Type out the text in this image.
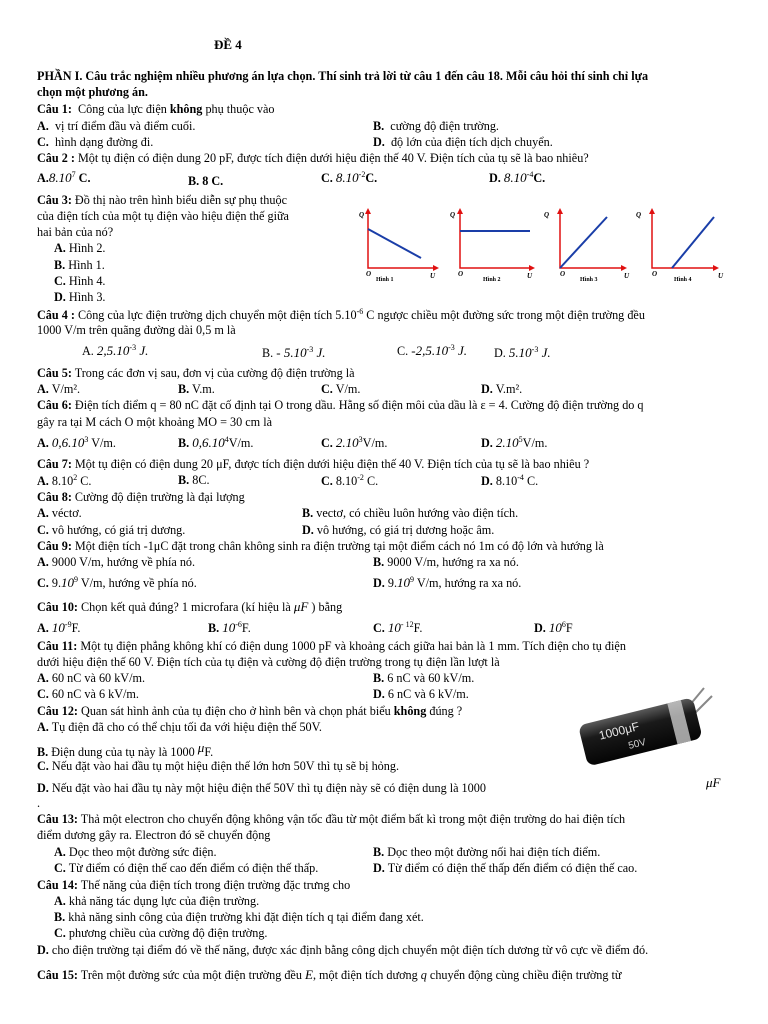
ĐỀ 4
PHẦN I. Câu trắc nghiệm nhiều phương án lựa chọn. Thí sinh trả lời từ câu 1 đến câu 18. Mỗi câu hỏi thí sinh chỉ lựa
chọn một phương án.
Câu 1: Công của lực điện không phụ thuộc vào
A. vị trí điểm đầu và điểm cuối.	B. cường độ điện trường.
C. hình dạng đường đi.	D. độ lớn của điện tích dịch chuyển.
Câu 2 : Một tụ điện có điện dung 20 pF, được tích điện dưới hiệu điện thế 40 V. Điện tích của tụ sẽ là bao nhiêu?
A.8.10$^7$ C.	B. 8 C.	C. $8.10^{-2}C$.	D. $8.10^{-4}C$.
Câu 3: Đồ thị nào trên hình biểu diễn sự phụ thuộc
của điện tích của một tụ điện vào hiệu điện thế giữa
hai bản của nó?
A. Hình 2.
B. Hình 1.
C. Hình 4.
D. Hình 3.
Q
U
O
Hình 1
Q
U
O
Hình 2
Q
U
O
Hình 3
Q
U
O
Hình 4
Câu 4 : Công của lực điện trường dịch chuyển một điện tích $5.10^{-6}$ C ngược chiều một đường sức trong một điện trường đều
1000 V/m trên quãng đường dài 0,5 m là
A. $2,5.10^{-3}$ J.	B. - $5.10^{-3}$ J.	C. $-2,5.10^{-3}$ J. D. $5.10^{-3}$ J.
Câu 5: Trong các đơn vị sau, đơn vị của cường độ điện trường là
A. V/m².	B. V.m.	C. V/m.	D. V.m².
Câu 6: Điện tích điểm q = 80 nC đặt cố định tại O trong dầu. Hằng số điện môi của dầu là ε = 4. Cường độ điện trường do q
gây ra tại M cách O một khoảng MO = 30 cm là
A. 0,6.10$^3$ V/m.	B. 0,6.10$^4$V/m.	C. 2.10$^3$V/m.	D. 2.10$^5$V/m.
Câu 7: Một tụ điện có điện dung 20 μF, được tích điện dưới hiệu điện thế 40 V. Điện tích của tụ sẽ là bao nhiêu ?
A. 8.10$^2$ C.	B. 8C.	C. $8.10^{-2}$ C.	D. $8.10^{-4}$ C.
Câu 8: Cường độ điện trường là đại lượng
A. véctơ.	B. vectơ, có chiều luôn hướng vào điện tích.
C. vô hướng, có giá trị dương.	D. vô hướng, có giá trị dương hoặc âm.
Câu 9: Một điện tích -1μC đặt trong chân không sinh ra điện trường tại một điểm cách nó 1m có độ lớn và hướng là
A. 9000 V/m, hướng về phía nó.	B. 9000 V/m, hướng ra xa nó.
C. 9.10$^9$ V/m, hướng về phía nó.	D. 9.10$^9$ V/m, hướng ra xa nó.
Câu 10: Chọn kết quả đúng? 1 microfara (kí hiệu là μF ) bằng
A. $10^{-9}F$.	B. $10^{-6}F$.	C. $10^{- 12}F$.	D. $10^6F$
Câu 11: Một tụ điện phẳng không khí có điện dung 1000 pF và khoảng cách giữa hai bản là 1 mm. Tích điện cho tụ điện
dưới hiệu điện thế 60 V. Điện tích của tụ điện và cường độ điện trường trong tụ điện lần lượt là
A. 60 nC và 60 kV/m.	B. 6 nC và 60 kV/m.
C. 60 nC và 6 kV/m.	D. 6 nC và 6 kV/m.
Câu 12: Quan sát hình ảnh của tụ điện cho ở hình bên và chọn phát biểu không đúng ?
A. Tụ điện đã cho có thể chịu tối đa với hiệu điện thế 50V.
B. Điện dung của tụ này là 1000 μF.
C. Nếu đặt vào hai đầu tụ một hiệu điện thế lớn hơn 50V thì tụ sẽ bị hỏng.
D. Nếu đặt vào hai đầu tụ này một hiệu điện thế 50V thì tụ điện này sẽ có điện dung là 1000	μF
.
1000μF
50V
Câu 13: Thả một electron cho chuyển động không vận tốc đầu từ một điểm bất kì trong một điện trường do hai điện tích
điểm dương gây ra. Electron đó sẽ chuyển động
A. Dọc theo một đường sức điện.	B. Dọc theo một đường nối hai điện tích điểm.
C. Từ điểm có điện thế cao đến điểm có điện thế thấp.	D. Từ điểm có điện thế thấp đến điểm có điện thế cao.
Câu 14: Thế năng của điện tích trong điện trường đặc trưng cho
A. khả năng tác dụng lực của điện trường.
B. khả năng sinh công của điện trường khi đặt điện tích q tại điểm đang xét.
C. phương chiều của cường độ điện trường.
D. cho điện trường tại điểm đó về thế năng, được xác định bằng công dịch chuyển một điện tích dương từ vô cực về điểm đó.
Câu 15: Trên một đường sức của một điện trường đều E, một điện tích dương q chuyển động cùng chiều điện trường từ
